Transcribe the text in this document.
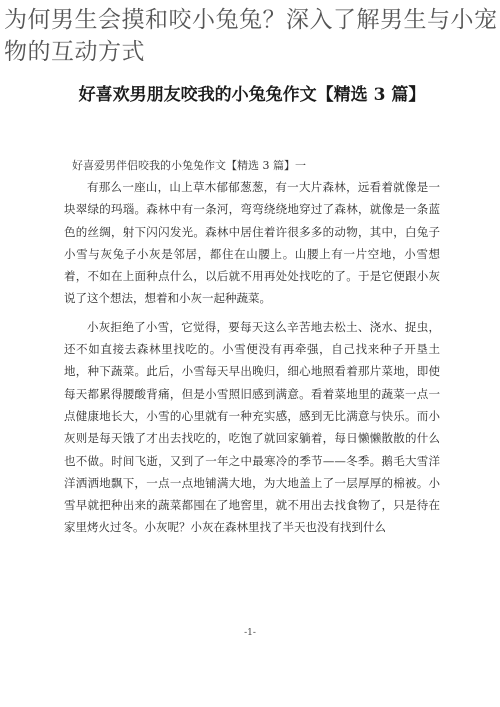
为何男生会摸和咬小兔兔？深入了解男生与小宠物的互动方式
好喜欢男朋友咬我的小兔兔作文【精选 3 篇】
好喜爱男伴侣咬我的小兔兔作文【精选 3 篇】一

有那么一座山，山上草木郁郁葱葱，有一大片森林，远看着就像是一块翠绿的玛瑙。森林中有一条河，弯弯绕绕地穿过了森林，就像是一条蓝色的丝绸，射下闪闪发光。森林中居住着许很多多的动物，其中，白兔子小雪与灰兔子小灰是邻居，都住在山腰上。山腰上有一片空地，小雪想着，不如在上面种点什么，以后就不用再处处找吃的了。于是它便跟小灰说了这个想法，想着和小灰一起种蔬菜。

小灰拒绝了小雪，它觉得，要每天这么辛苦地去松土、浇水、捉虫，还不如直接去森林里找吃的。小雪便没有再牵强，自己找来种子开垦土地，种下蔬菜。此后，小雪每天早出晚归，细心地照看着那片菜地，即使每天都累得腰酸背痛，但是小雪照旧感到满意。看着菜地里的蔬菜一点一点健康地长大，小雪的心里就有一种充实感，感到无比满意与快乐。而小灰则是每天饿了才出去找吃的，吃饱了就回家躺着，每日懒懒散散的什么也不做。时间飞逝，又到了一年之中最寒冷的季节——冬季。鹅毛大雪洋洋洒洒地飘下，一点一点地铺满大地，为大地盖上了一层厚厚的棉被。小雪早就把种出来的蔬菜都囤在了地窖里，就不用出去找食物了，只是待在家里烤火过冬。小灰呢？小灰在森林里找了半天也没有找到什么

-1-
